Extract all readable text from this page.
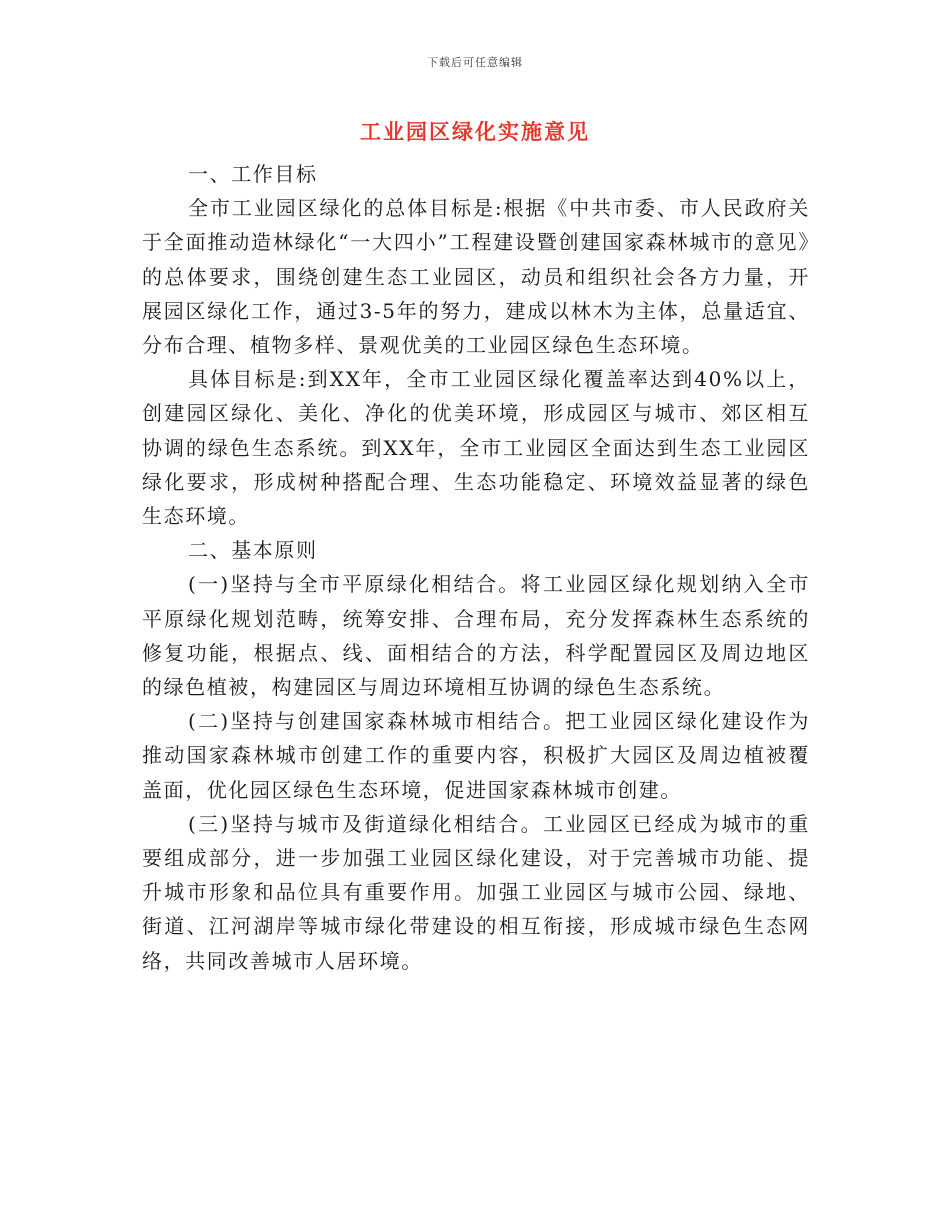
下载后可任意编辑
工业园区绿化实施意见

一、工作目标

全市工业园区绿化的总体目标是:根据《中共市委、市人民政府关于全面推动造林绿化“一大四小”工程建设暨创建国家森林城市的意见》的总体要求，围绕创建生态工业园区，动员和组织社会各方力量，开展园区绿化工作，通过3-5年的努力，建成以林木为主体，总量适宜、分布合理、植物多样、景观优美的工业园区绿色生态环境。

具体目标是:到XX年，全市工业园区绿化覆盖率达到40%以上，创建园区绿化、美化、净化的优美环境，形成园区与城市、郊区相互协调的绿色生态系统。到XX年，全市工业园区全面达到生态工业园区绿化要求，形成树种搭配合理、生态功能稳定、环境效益显著的绿色生态环境。

二、基本原则

(一)坚持与全市平原绿化相结合。将工业园区绿化规划纳入全市平原绿化规划范畴，统筹安排、合理布局，充分发挥森林生态系统的修复功能，根据点、线、面相结合的方法，科学配置园区及周边地区的绿色植被，构建园区与周边环境相互协调的绿色生态系统。

(二)坚持与创建国家森林城市相结合。把工业园区绿化建设作为推动国家森林城市创建工作的重要内容，积极扩大园区及周边植被覆盖面，优化园区绿色生态环境，促进国家森林城市创建。

(三)坚持与城市及街道绿化相结合。工业园区已经成为城市的重要组成部分，进一步加强工业园区绿化建设，对于完善城市功能、提升城市形象和品位具有重要作用。加强工业园区与城市公园、绿地、街道、江河湖岸等城市绿化带建设的相互衔接，形成城市绿色生态网络，共同改善城市人居环境。
